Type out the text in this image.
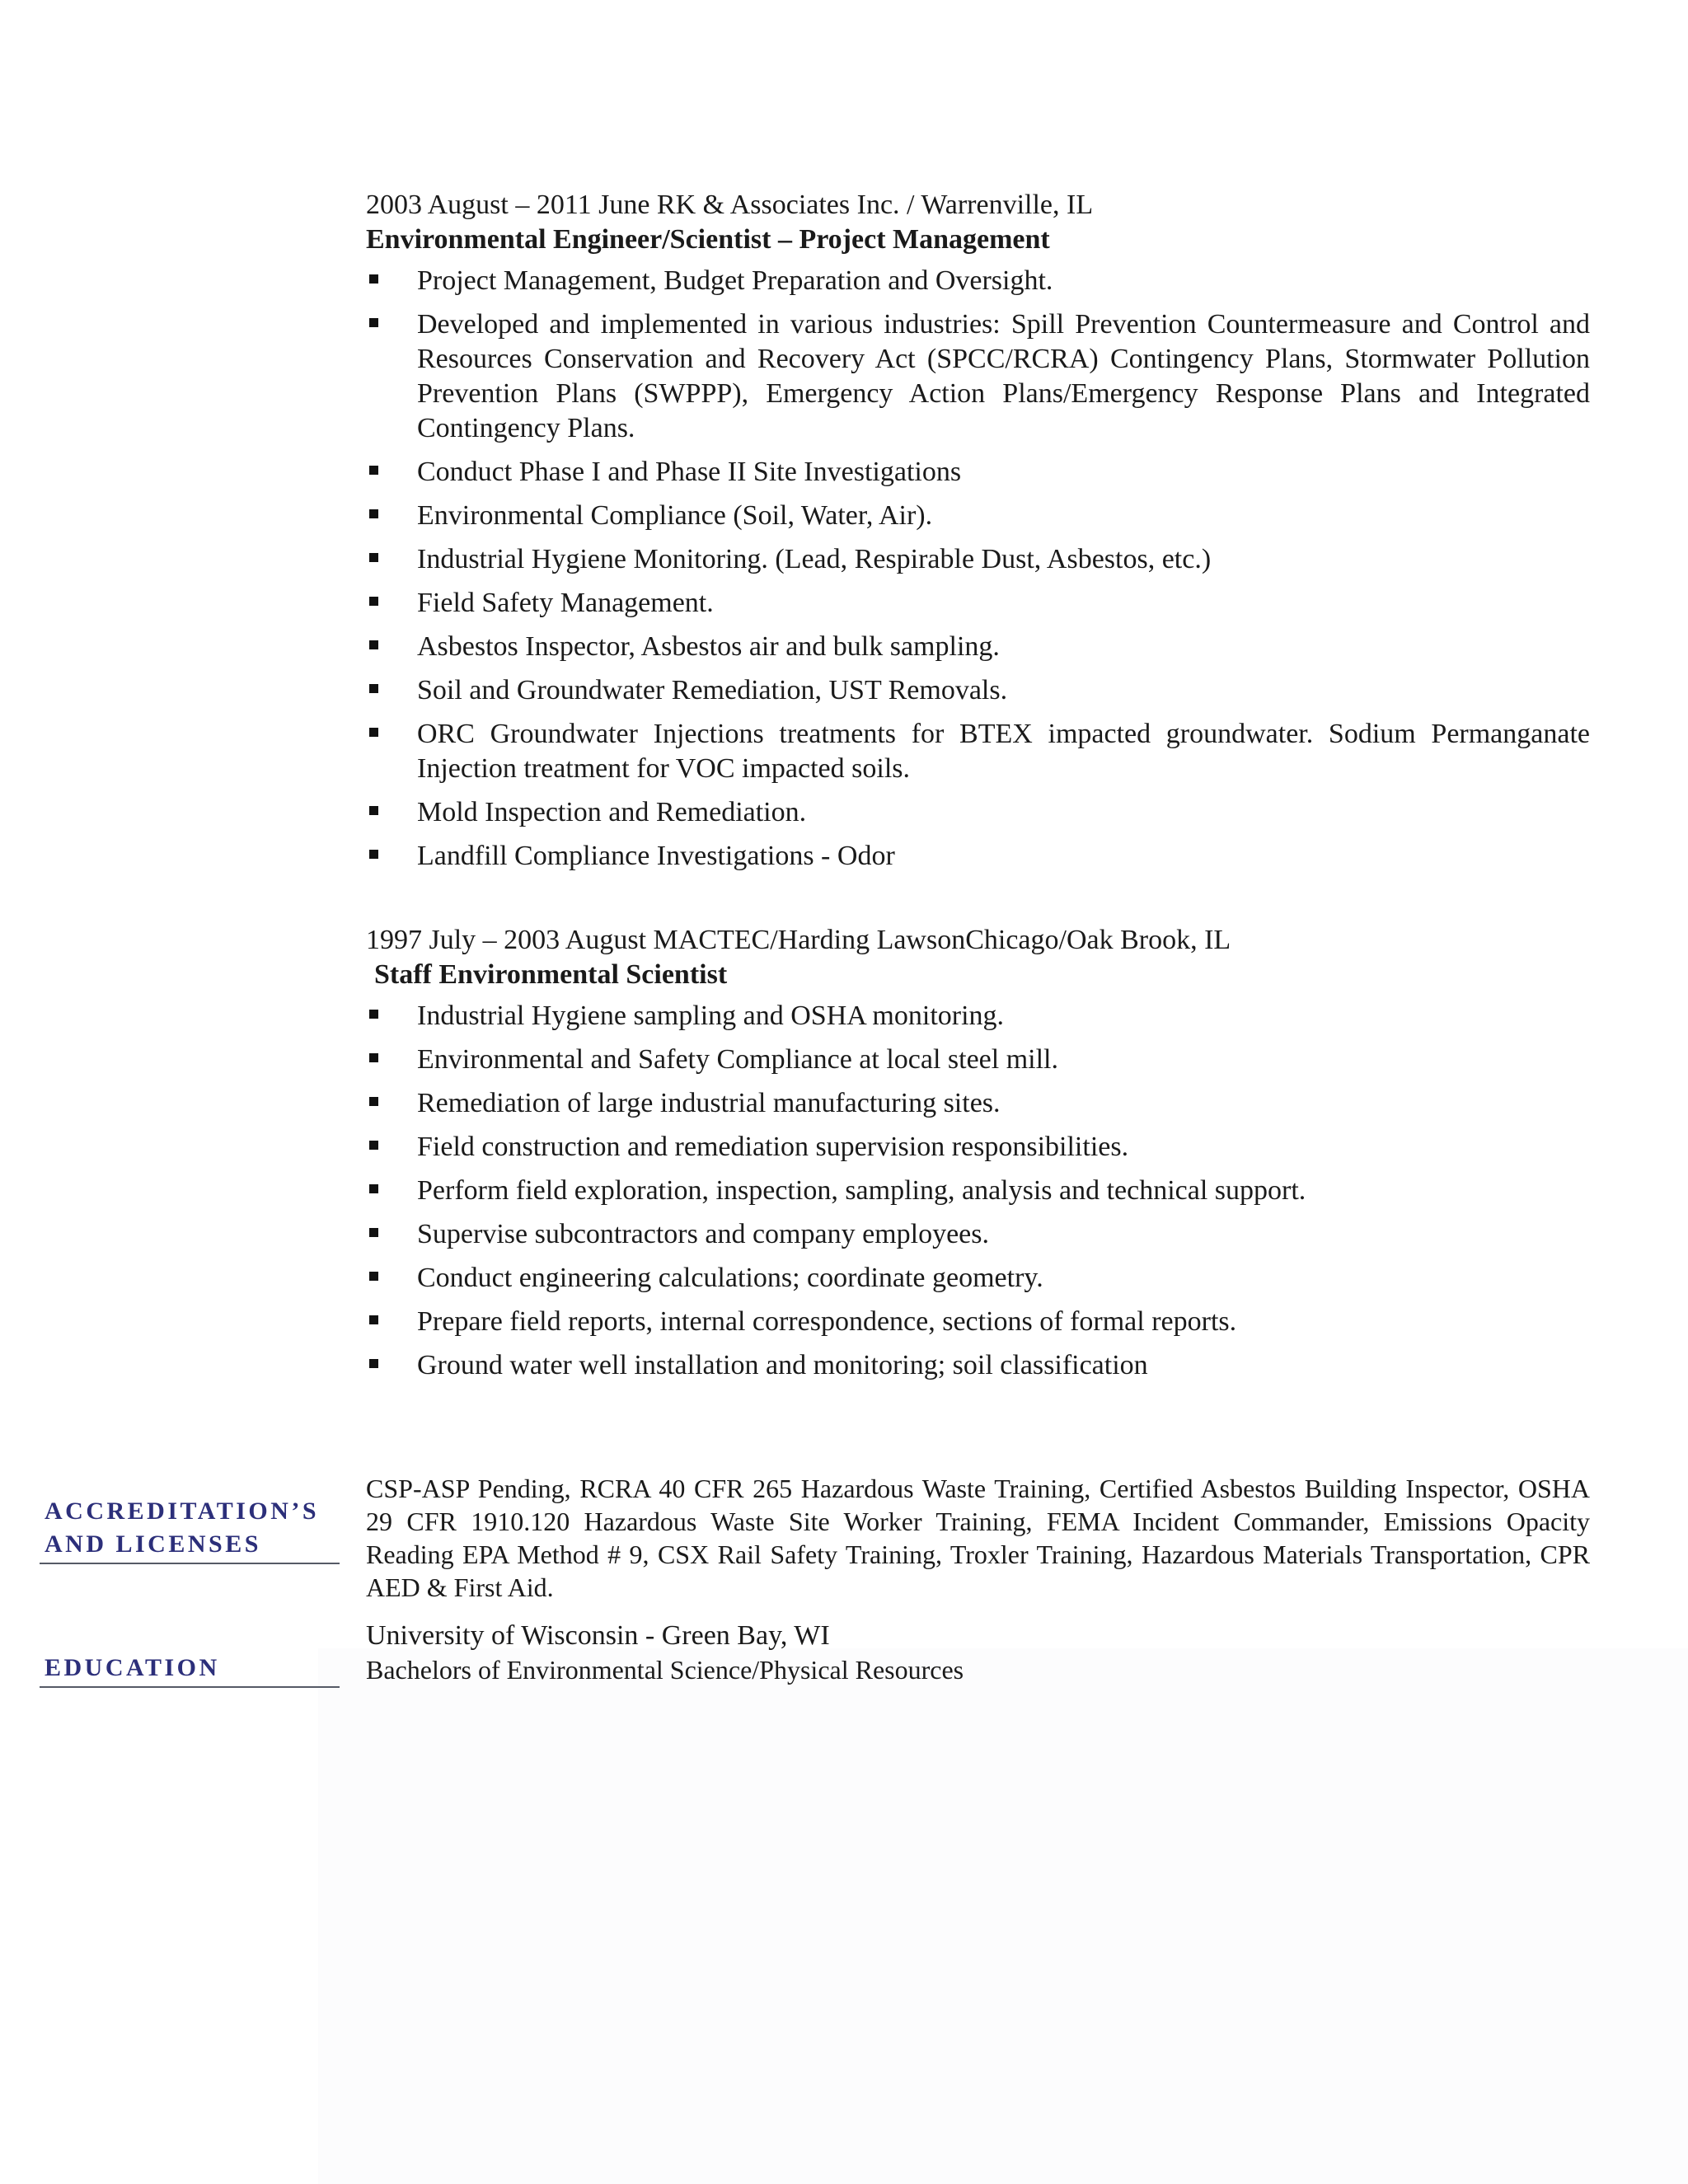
2003 August – 2011 June RK & Associates Inc. / Warrenville, IL

Environmental Engineer/Scientist – Project Management

Project Management, Budget Preparation and Oversight.
Developed and implemented in various industries: Spill Prevention Countermeasure and Control and Resources Conservation and Recovery Act (SPCC/RCRA) Contingency Plans, Stormwater Pollution Prevention Plans (SWPPP), Emergency Action Plans/Emergency Response Plans and Integrated Contingency Plans.
Conduct Phase I and Phase II Site Investigations
Environmental Compliance (Soil, Water, Air).
Industrial Hygiene Monitoring. (Lead, Respirable Dust, Asbestos, etc.)
Field Safety Management.
Asbestos Inspector, Asbestos air and bulk sampling.
Soil and Groundwater Remediation, UST Removals.
ORC Groundwater Injections treatments for BTEX impacted groundwater. Sodium Permanganate Injection treatment for VOC impacted soils.
Mold Inspection and Remediation.
Landfill Compliance Investigations - Odor

1997 July – 2003 August MACTEC/Harding LawsonChicago/Oak Brook, IL

Staff Environmental Scientist

Industrial Hygiene sampling and OSHA monitoring.
Environmental and Safety Compliance at local steel mill.
Remediation of large industrial manufacturing sites.
Field construction and remediation supervision responsibilities.
Perform field exploration, inspection, sampling, analysis and technical support.
Supervise subcontractors and company employees.
Conduct engineering calculations; coordinate geometry.
Prepare field reports, internal correspondence, sections of formal reports.
Ground water well installation and monitoring; soil classification
ACCREDITATION’S
AND LICENSES
CSP-ASP Pending, RCRA 40 CFR 265 Hazardous Waste Training, Certified Asbestos Building Inspector, OSHA 29 CFR 1910.120 Hazardous Waste Site Worker Training, FEMA Incident Commander, Emissions Opacity Reading EPA Method # 9, CSX Rail Safety Training, Troxler Training, Hazardous Materials Transportation, CPR AED & First Aid.
EDUCATION
University of Wisconsin - Green Bay, WI
Bachelors of Environmental Science/Physical Resources
